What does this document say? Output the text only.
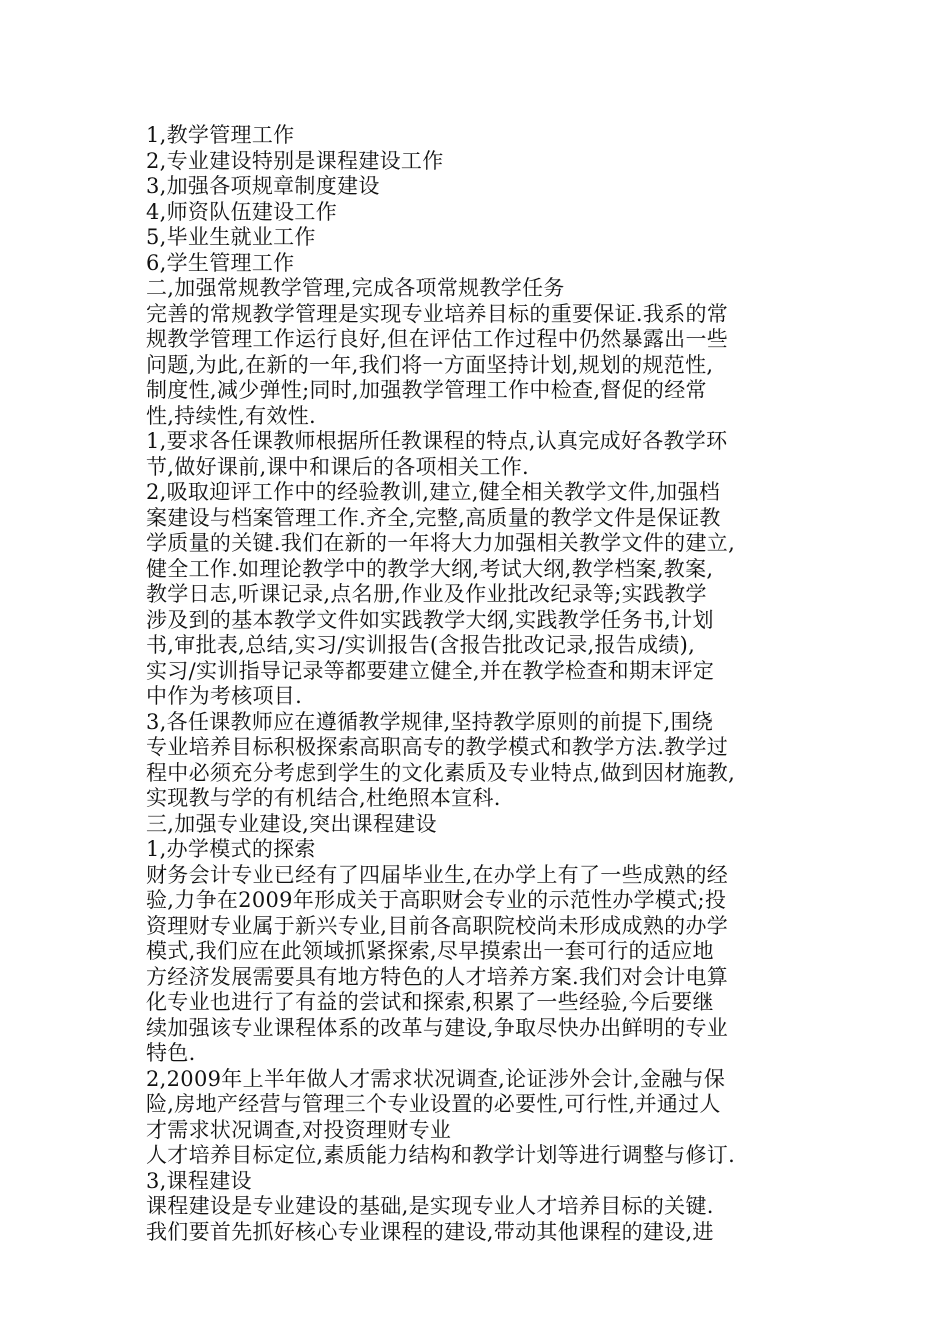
1,教学管理工作
2,专业建设特别是课程建设工作
3,加强各项规章制度建设
4,师资队伍建设工作
5,毕业生就业工作
6,学生管理工作
二,加强常规教学管理,完成各项常规教学任务
完善的常规教学管理是实现专业培养目标的重要保证.我系的常
规教学管理工作运行良好,但在评估工作过程中仍然暴露出一些
问题,为此,在新的一年,我们将一方面坚持计划,规划的规范性,
制度性,减少弹性;同时,加强教学管理工作中检查,督促的经常
性,持续性,有效性.
1,要求各任课教师根据所任教课程的特点,认真完成好各教学环
节,做好课前,课中和课后的各项相关工作.
2,吸取迎评工作中的经验教训,建立,健全相关教学文件,加强档
案建设与档案管理工作.齐全,完整,高质量的教学文件是保证教
学质量的关键.我们在新的一年将大力加强相关教学文件的建立,
健全工作.如理论教学中的教学大纲,考试大纲,教学档案,教案,
教学日志,听课记录,点名册,作业及作业批改纪录等;实践教学
涉及到的基本教学文件如实践教学大纲,实践教学任务书,计划
书,审批表,总结,实习/实训报告(含报告批改记录,报告成绩),
实习/实训指导记录等都要建立健全,并在教学检查和期末评定
中作为考核项目.
3,各任课教师应在遵循教学规律,坚持教学原则的前提下,围绕
专业培养目标积极探索高职高专的教学模式和教学方法.教学过
程中必须充分考虑到学生的文化素质及专业特点,做到因材施教,
实现教与学的有机结合,杜绝照本宣科.
三,加强专业建设,突出课程建设
1,办学模式的探索
财务会计专业已经有了四届毕业生,在办学上有了一些成熟的经
验,力争在2009年形成关于高职财会专业的示范性办学模式;投
资理财专业属于新兴专业,目前各高职院校尚未形成成熟的办学
模式,我们应在此领域抓紧探索,尽早摸索出一套可行的适应地
方经济发展需要具有地方特色的人才培养方案.我们对会计电算
化专业也进行了有益的尝试和探索,积累了一些经验,今后要继
续加强该专业课程体系的改革与建设,争取尽快办出鲜明的专业
特色.
2,2009年上半年做人才需求状况调查,论证涉外会计,金融与保
险,房地产经营与管理三个专业设置的必要性,可行性,并通过人
才需求状况调查,对投资理财专业
人才培养目标定位,素质能力结构和教学计划等进行调整与修订.
3,课程建设
课程建设是专业建设的基础,是实现专业人才培养目标的关键.
我们要首先抓好核心专业课程的建设,带动其他课程的建设,进
